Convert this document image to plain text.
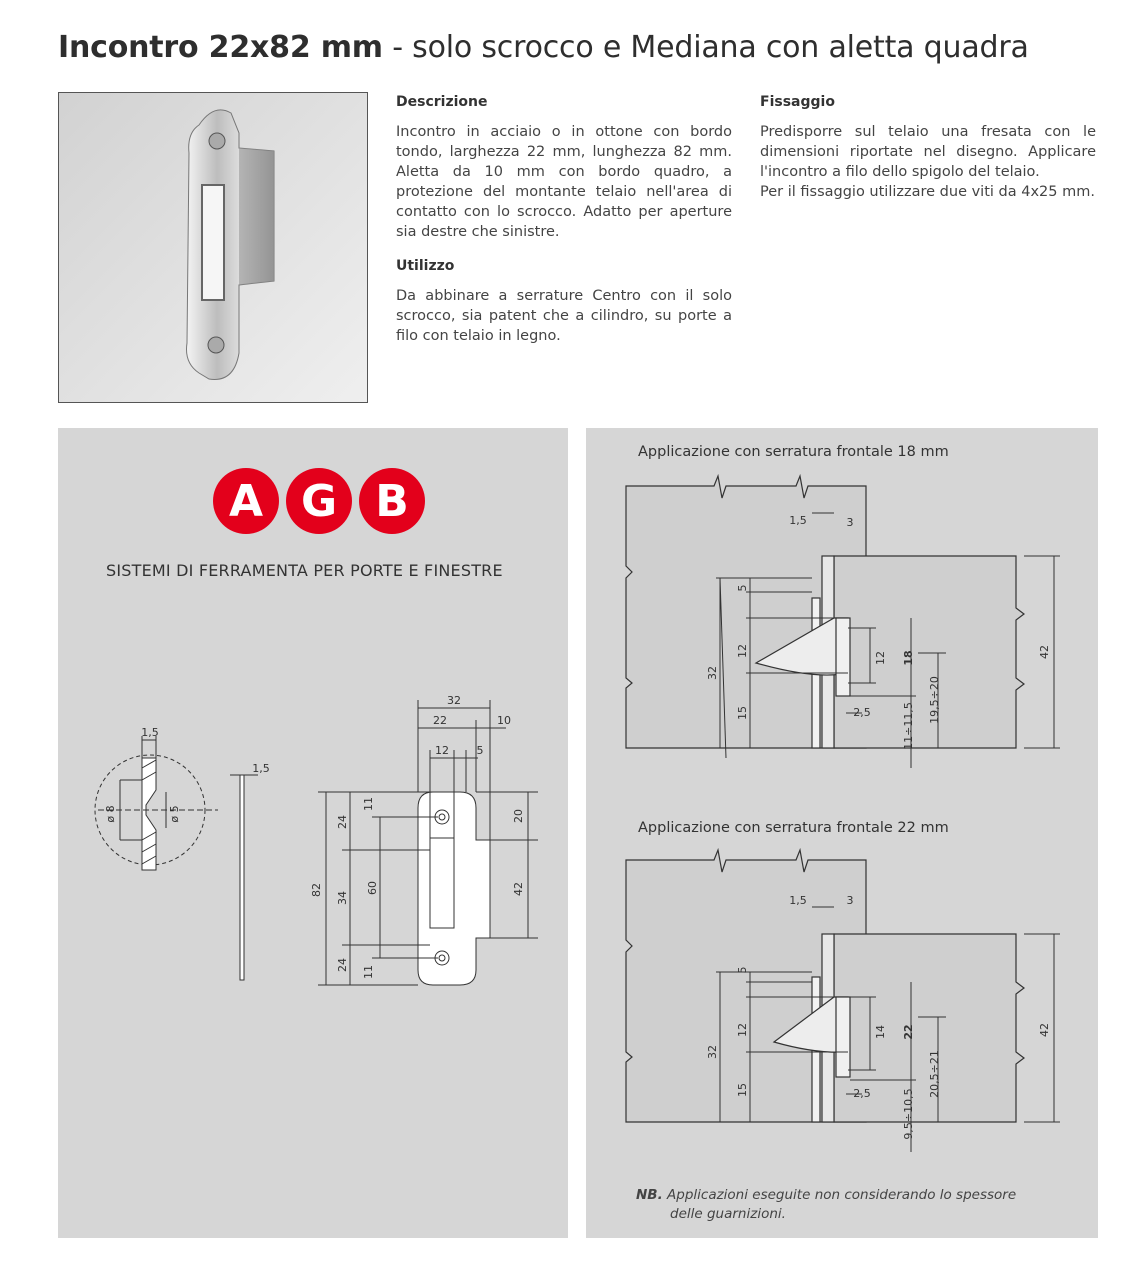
Incontro 22x82 mm - solo scrocco e Mediana con aletta quadra
Descrizione

Incontro in acciaio o in ottone con bordo tondo, larghezza 22 mm, lunghezza 82 mm. Aletta da 10 mm con bordo quadro, a protezione del montante telaio nell'area di contatto con lo scrocco. Adatto per aperture sia destre che sinistre.

Utilizzo

Da abbinare a serrature Centro con il solo scrocco, sia patent che a cilindro, su porte a filo con telaio in legno.

Fissaggio

Predisporre sul telaio una fresata con le dimensioni riportate nel disegno. Applicare l'incontro a filo dello spigolo del telaio.

Per il fissaggio utilizzare due viti da 4x25 mm.

A G B
SISTEMI DI FERRAMENTA PER PORTE E FINESTRE
1,5
ø 8	ø 5
1,5
32
22	10
12	5
82
24
34
24
60
11
11
20
42
Applicazione con serratura frontale 18 mm
1,5	3
5
12
32
15
12 18
19,5÷20
11÷11,5
2,5
42
Applicazione con serratura frontale 22 mm
1,5	3
5
12
32
15
14 22
20,5÷21
9,5÷10,5
2,5
42
NB. Applicazioni eseguite non considerando lo spessore
delle guarnizioni.
